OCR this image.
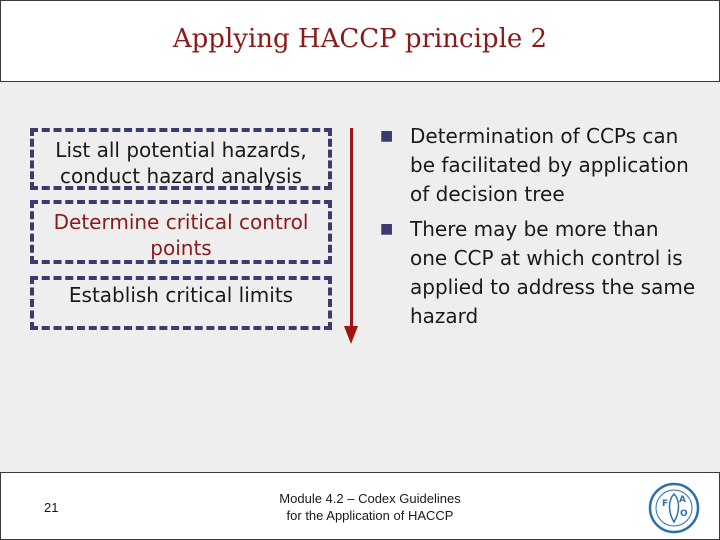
Applying HACCP principle 2
List all potential hazards, conduct hazard analysis
Determine critical control points
Establish critical limits
■ Determination of CCPs can be facilitated by application of decision tree
■ There may be more than one CCP at which control is applied to address the same hazard
21
Module 4.2 – Codex Guidelines
for the Application of HACCP
F A
O
